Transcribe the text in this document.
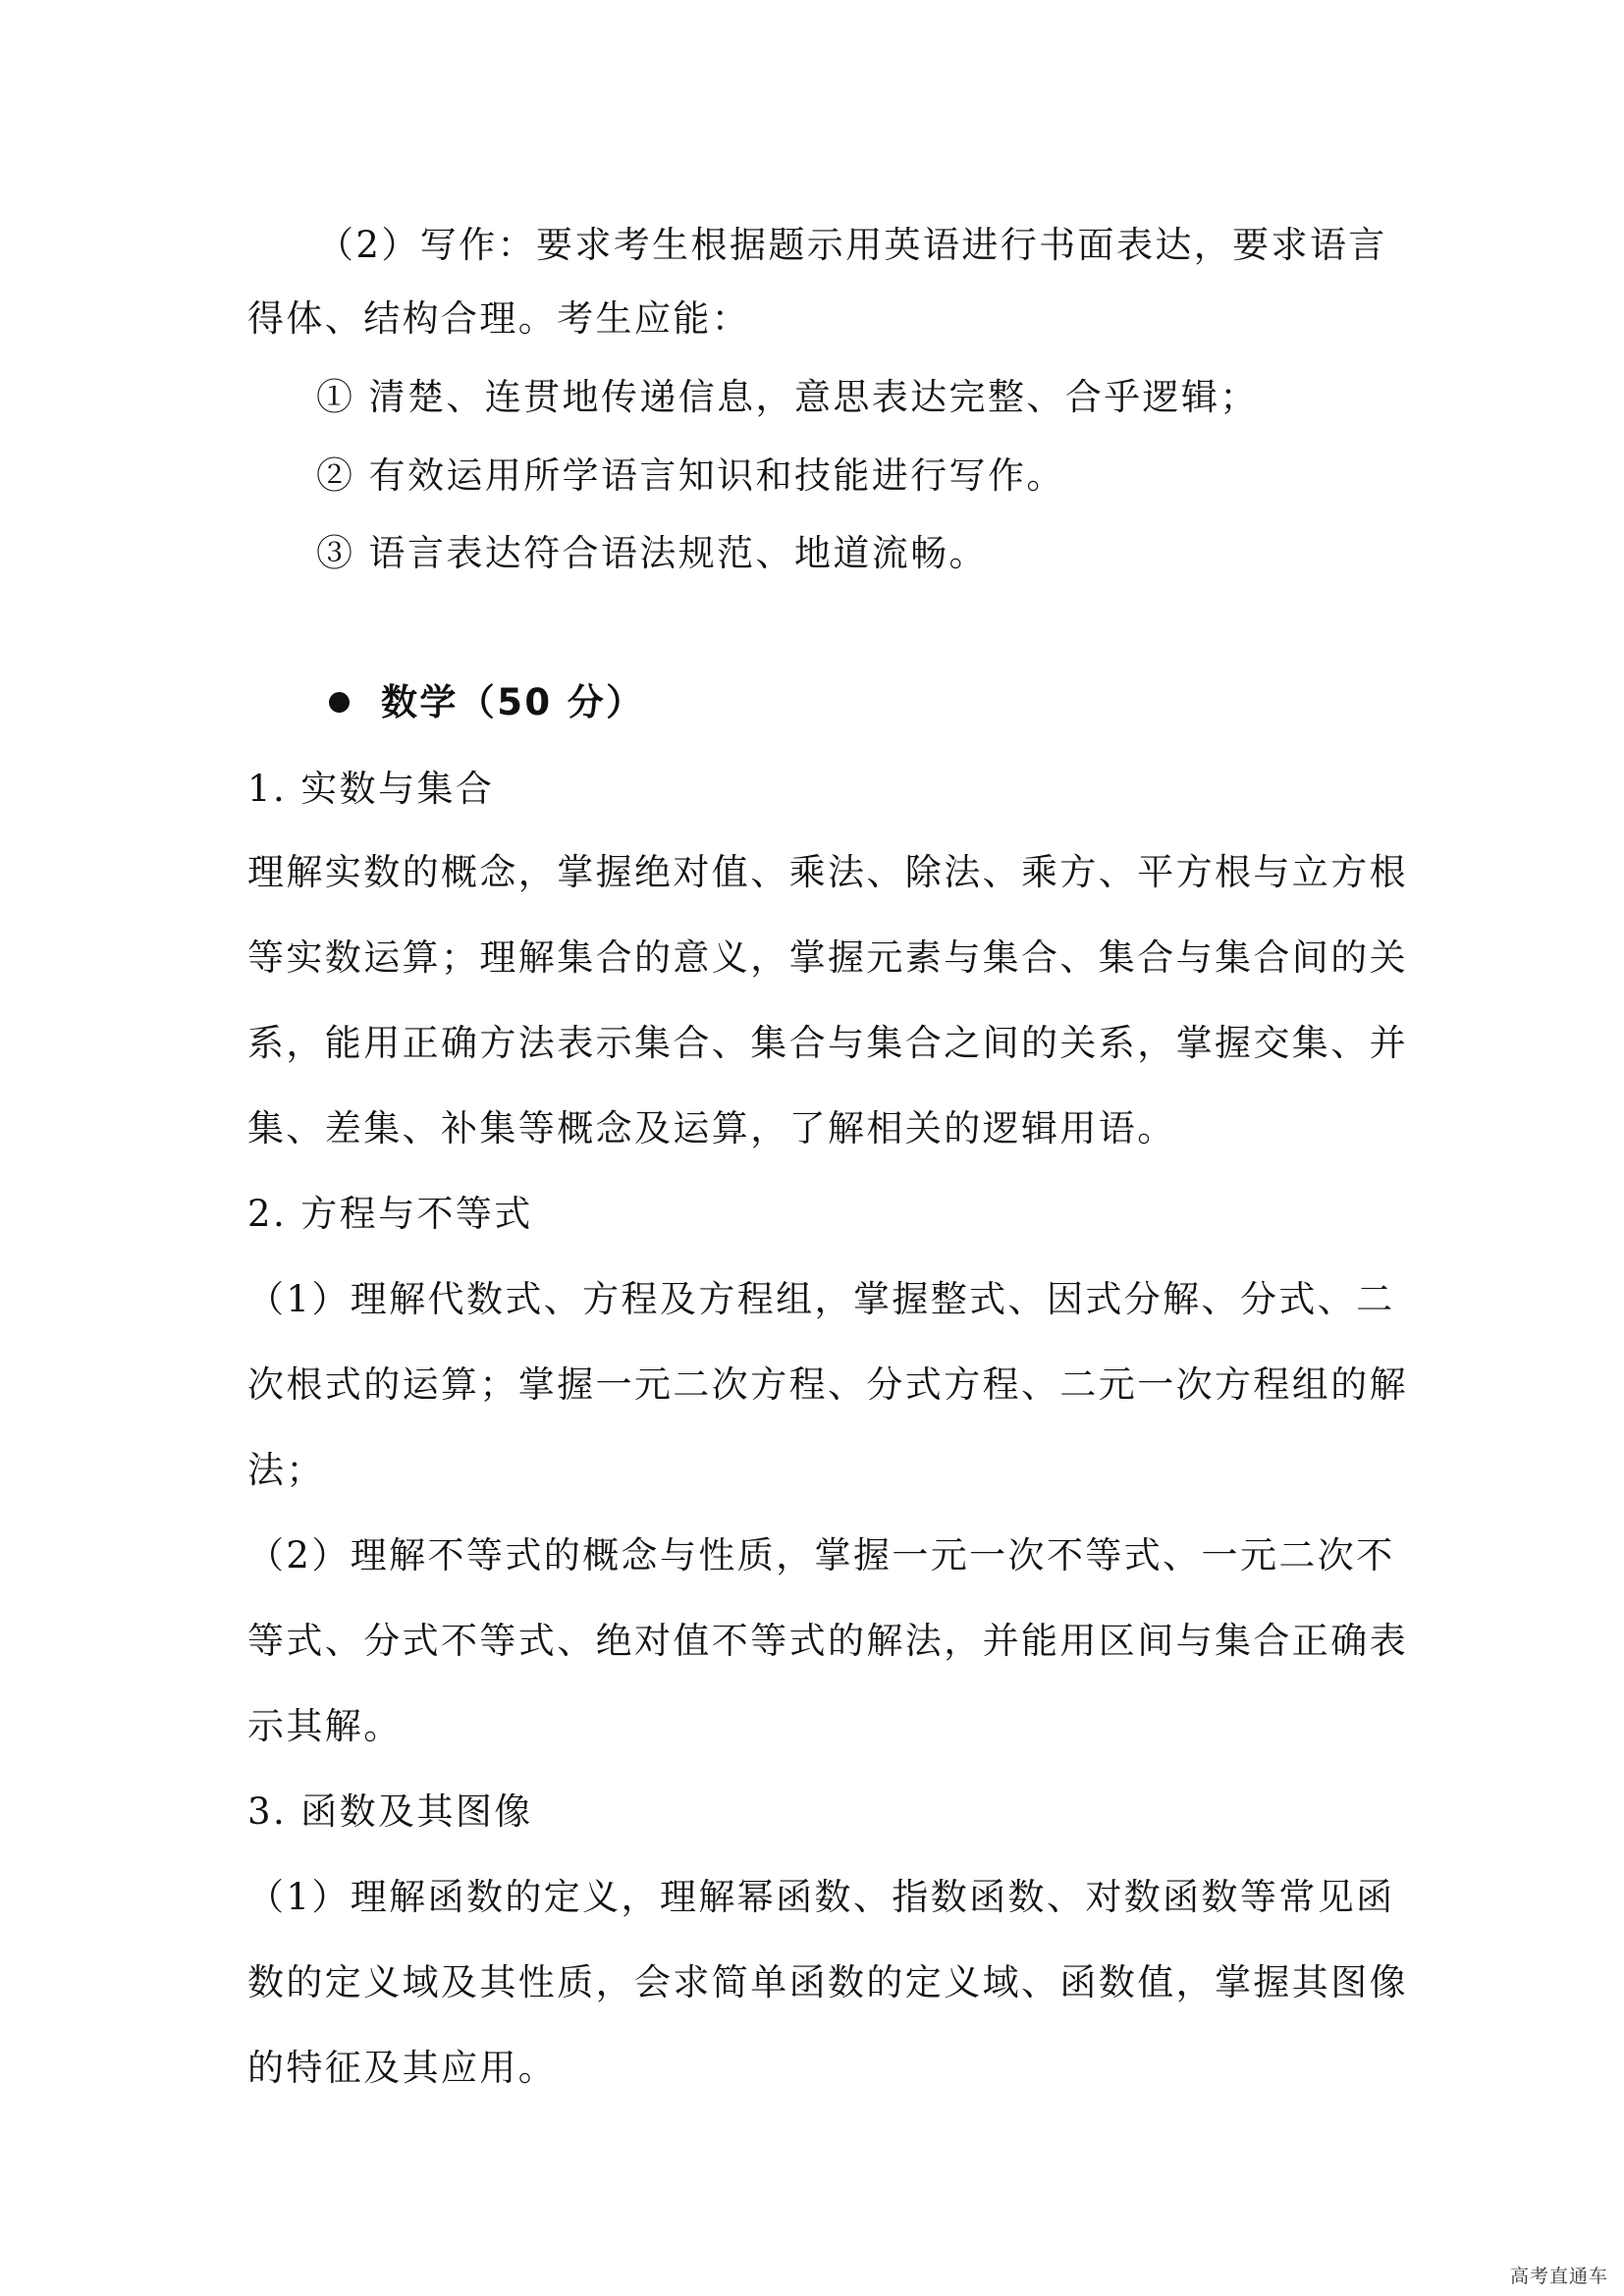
（2）写作：要求考生根据题示用英语进行书面表达，要求语言
得体、结构合理。考生应能：
① 清楚、连贯地传递信息，意思表达完整、合乎逻辑；
② 有效运用所学语言知识和技能进行写作。
③ 语言表达符合语法规范、地道流畅。
数学（50 分）
1. 实数与集合
理解实数的概念，掌握绝对值、乘法、除法、乘方、平方根与立方根
等实数运算；理解集合的意义，掌握元素与集合、集合与集合间的关
系，能用正确方法表示集合、集合与集合之间的关系，掌握交集、并
集、差集、补集等概念及运算，了解相关的逻辑用语。
2. 方程与不等式
（1）理解代数式、方程及方程组，掌握整式、因式分解、分式、二
次根式的运算；掌握一元二次方程、分式方程、二元一次方程组的解
法；
（2）理解不等式的概念与性质，掌握一元一次不等式、一元二次不
等式、分式不等式、绝对值不等式的解法，并能用区间与集合正确表
示其解。
3. 函数及其图像
（1）理解函数的定义，理解幂函数、指数函数、对数函数等常见函
数的定义域及其性质，会求简单函数的定义域、函数值，掌握其图像
的特征及其应用。
高考直通车
